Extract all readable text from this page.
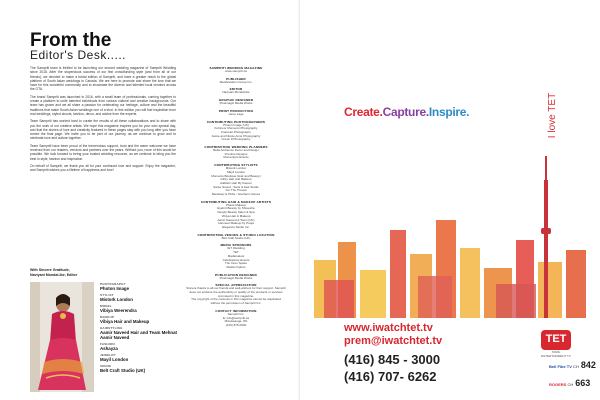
From the
Editor's Desk.....

The Sampriti team is thrilled to be launching our second wedding magazine of Sampriti Wedding since 2018. After the stupendous success of our first crowdfunding style (and from all of our friends), we decided to make a bridal edition of Sampriti, and have a greater reach to the global platform of South Asian weddings in Canada. We are here to promote and share the love that we have for this wonderful community and to showcase the diverse and talented local vendors across the GTA.

The brand Sampriti was launched in 2016, with a small team of professionals, coming together to create a platform to unite talented individuals from various cultural and creative backgrounds. Our team has grown and we all share a passion for celebrating our heritage, culture and the beautiful traditions that make South Asian weddings one of a kind. In this edition you will find inspiration from real weddings, styled shoots, fashion, decor, and advice from the experts.

Team Sampriti has worked hard to curate the results of all these collaborations and to share with you the work of our creative artists. We hope this magazine inspires you for your own special day, and that the stories of love and creativity featured in these pages stay with you long after you have turned the final page. We invite you to be part of our journey, as we continue to grow and to celebrate love and culture together.

Team Sampriti have been proud of the tremendous support, trust and the warm welcome we have received from our readers, vendors and partners over the years. Without you, none of this would be possible. We look forward to being your trusted wedding resource, as we continue to bring you the best in style, fashion and inspiration.

On behalf of Sampriti, we thank you all for your continued love and support. Enjoy the magazine, and Sampriti wishes you a lifetime of happiness and love!

With Sincere Gratitude,
Naviyani Mondal-Ibe, Editor
PHOTOGRAPHY
Photon Image
STYLIST
Mistork London
MODEL
Vibiya Weerendra
MAKEUP
Vibiya Hair and Makeup
HAIRSTYLING
Aamir Naveed Hair and Team Mehnat Aamir Naveed
FASHION
Ashayza
JEWELRY
Mayil London
VENUE
Belt Craft Studio (UK)
SAMPRITI WEDDING MAGAZINE
www.sampriti.ca
PUBLISHER
Manifestation Group Inc.
EDITOR
Naviyani Mondal-Ibe
GRAPHIC DESIGNER
Pixelmagic Media Works
PRINT PRODUCTION
Gene Lage
CONTRIBUTING PHOTOGRAPHERS
Photon Image (UK)
Kohinoor Moments Photography
Framelet Photography
Jamie and Nicole Amor Photography
Crown 8 Photography
CONTRIBUTING WEDDING PLANNERS
Bella Ambience Decor and Design
Prestine Designs
Momentpro Events
CONTRIBUTING STYLISTS
Mistork London
Mayil London
Moments Boutique (Hair and Beauty)
Glitzy Hair and Makeup
Addition Hair By Kapoor
Saree Sound - Saris & Hair Studio
For The Thread
Mandeep & Pirda - Southern Homes
CONTRIBUTING HAIR & MAKEUP ARTISTS
Phase Makeup
Eyebrit Beauty by Shreesha
Deeply Beauty Salon & Spa
Vibiya Hair & Makeup
Aamir Naveed & Team (UK)
Harmeet Makeup by Pooja
Elegance Studio Inc.
CONTRIBUTING VENUES & STUDIO LOCATION
Belt Craft Studio (UK)
MEDIA SPONSORS
IET Wedding
TET
Madarsaloot
Celebrations Events
The Inner Space
Media Orphan
PUBLICATION DESIGNER
Pixelmagic Media Works
SPECIAL APPRECIATION
Sincere thanks to all our friends and well-wishers for their support. Sampriti does not endorse the authenticity or quality of the products or services promoted in this magazine.
The copyright of the contents in this magazine cannot be duplicated without the permission of Sampriti Inc.
CONTACT INFORMATION
Sampriti Inc.
E: info@sampriti.ca
Mississauga, ON
(416) 875-0000
Create.Capture.Inspire.	I love TET
www.iwatchtet.tv
prem@iwatchtet.tv
(416) 845 - 3000
(416) 707- 6262
TET
TAMIL ENTERTAINMENT TV
Bell Fibe TV CH 842
ROGERS CH 663
